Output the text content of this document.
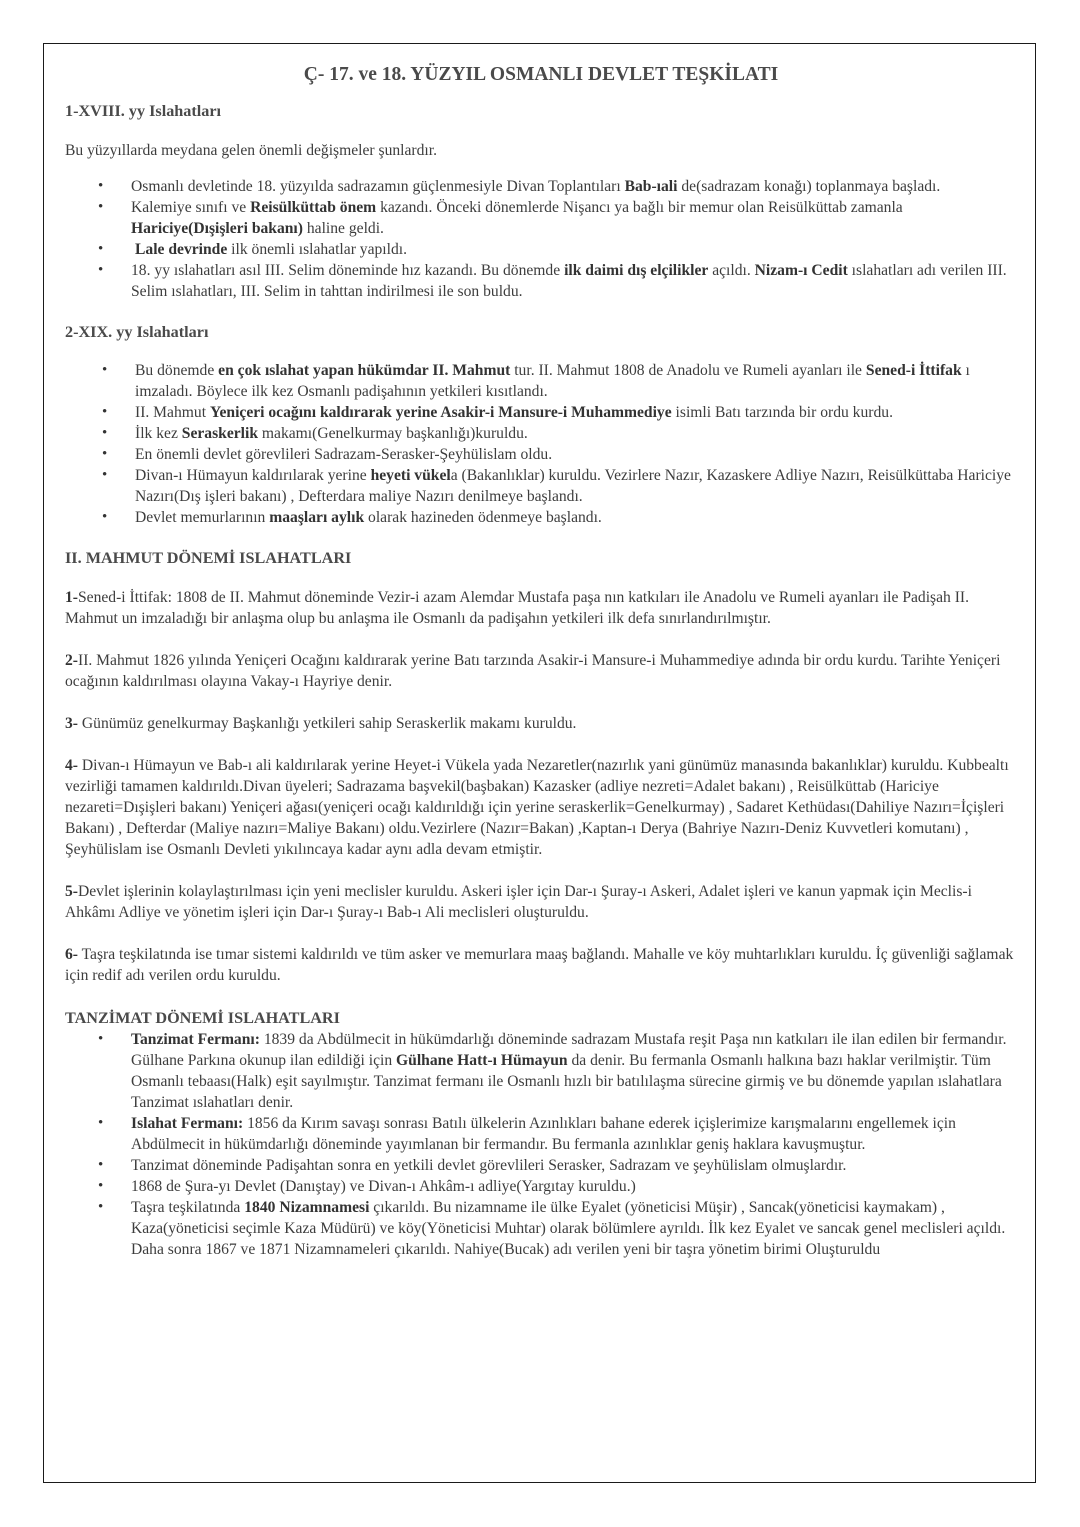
Ç- 17. ve 18. YÜZYIL OSMANLI DEVLET TEŞKİLATI
1-XVIII. yy Islahatları

Bu yüzyıllarda meydana gelen önemli değişmeler şunlardır.

• Osmanlı devletinde 18. yüzyılda sadrazamın güçlenmesiyle Divan Toplantıları Bab-ıali de(sadrazam konağı) toplanmaya başladı.
• Kalemiye sınıfı ve Reisülküttab önem kazandı. Önceki dönemlerde Nişancı ya bağlı bir memur olan Reisülküttab zamanla Hariciye(Dışişleri bakanı) haline geldi.
• Lale devrinde ilk önemli ıslahatlar yapıldı.
• 18. yy ıslahatları asıl III. Selim döneminde hız kazandı. Bu dönemde ilk daimi dış elçilikler açıldı. Nizam-ı Cedit ıslahatları adı verilen III. Selim ıslahatları, III. Selim in tahttan indirilmesi ile son buldu.
2-XIX. yy Islahatları
• Bu dönemde en çok ıslahat yapan hükümdar II. Mahmut tur. II. Mahmut 1808 de Anadolu ve Rumeli ayanları ile Sened-i İttifak ı imzaladı. Böylece ilk kez Osmanlı padişahının yetkileri kısıtlandı.
• II. Mahmut Yeniçeri ocağını kaldırarak yerine Asakir-i Mansure-i Muhammediye isimli Batı tarzında bir ordu kurdu.
• İlk kez Seraskerlik makamı(Genelkurmay başkanlığı)kuruldu.
• En önemli devlet görevlileri Sadrazam-Serasker-Şeyhülislam oldu.
• Divan-ı Hümayun kaldırılarak yerine heyeti vükela (Bakanlıklar) kuruldu. Vezirlere Nazır, Kazaskere Adliye Nazırı, Reisülküttaba Hariciye Nazırı(Dış işleri bakanı) , Defterdara maliye Nazırı denilmeye başlandı.
• Devlet memurlarının maaşları aylık olarak hazineden ödenmeye başlandı.
II. MAHMUT DÖNEMİ ISLAHATLARI

1-Sened-i İttifak: 1808 de II. Mahmut döneminde Vezir-i azam Alemdar Mustafa paşa nın katkıları ile Anadolu ve Rumeli ayanları ile Padişah II. Mahmut un imzaladığı bir anlaşma olup bu anlaşma ile Osmanlı da padişahın yetkileri ilk defa sınırlandırılmıştır.

2-II. Mahmut 1826 yılında Yeniçeri Ocağını kaldırarak yerine Batı tarzında Asakir-i Mansure-i Muhammediye adında bir ordu kurdu. Tarihte Yeniçeri ocağının kaldırılması olayına Vakay-ı Hayriye denir.

3- Günümüz genelkurmay Başkanlığı yetkileri sahip Seraskerlik makamı kuruldu.

4- Divan-ı Hümayun ve Bab-ı ali kaldırılarak yerine Heyet-i Vükela yada Nezaretler(nazırlık yani günümüz manasında bakanlıklar) kuruldu. Kubbealtı vezirliği tamamen kaldırıldı.Divan üyeleri; Sadrazama başvekil(başbakan) Kazasker (adliye nezreti=Adalet bakanı) , Reisülküttab (Hariciye nezareti=Dışişleri bakanı) Yeniçeri ağası(yeniçeri ocağı kaldırıldığı için yerine seraskerlik=Genelkurmay) , Sadaret Kethüdası(Dahiliye Nazırı=İçişleri Bakanı) , Defterdar (Maliye nazırı=Maliye Bakanı) oldu.Vezirlere (Nazır=Bakan) ,Kaptan-ı Derya (Bahriye Nazırı-Deniz Kuvvetleri komutanı) , Şeyhülislam ise Osmanlı Devleti yıkılıncaya kadar aynı adla devam etmiştir.

5-Devlet işlerinin kolaylaştırılması için yeni meclisler kuruldu. Askeri işler için Dar-ı Şuray-ı Askeri, Adalet işleri ve kanun yapmak için Meclis-i Ahkâmı Adliye ve yönetim işleri için Dar-ı Şuray-ı Bab-ı Ali meclisleri oluşturuldu.

6- Taşra teşkilatında ise tımar sistemi kaldırıldı ve tüm asker ve memurlara maaş bağlandı. Mahalle ve köy muhtarlıkları kuruldu. İç güvenliği sağlamak için redif adı verilen ordu kuruldu.

TANZİMAT DÖNEMİ ISLAHATLARI
• Tanzimat Fermanı: 1839 da Abdülmecit in hükümdarlığı döneminde sadrazam Mustafa reşit Paşa nın katkıları ile ilan edilen bir fermandır. Gülhane Parkına okunup ilan edildiği için Gülhane Hatt-ı Hümayun da denir. Bu fermanla Osmanlı halkına bazı haklar verilmiştir. Tüm Osmanlı tebaası(Halk) eşit sayılmıştır. Tanzimat fermanı ile Osmanlı hızlı bir batılılaşma sürecine girmiş ve bu dönemde yapılan ıslahatlara Tanzimat ıslahatları denir.
• Islahat Fermanı: 1856 da Kırım savaşı sonrası Batılı ülkelerin Azınlıkları bahane ederek içişlerimize karışmalarını engellemek için Abdülmecit in hükümdarlığı döneminde yayımlanan bir fermandır. Bu fermanla azınlıklar geniş haklara kavuşmuştur.
• Tanzimat döneminde Padişahtan sonra en yetkili devlet görevlileri Serasker, Sadrazam ve şeyhülislam olmuşlardır.
• 1868 de Şura-yı Devlet (Danıştay) ve Divan-ı Ahkâm-ı adliye(Yargıtay kuruldu.)
• Taşra teşkilatında 1840 Nizamnamesi çıkarıldı. Bu nizamname ile ülke Eyalet (yöneticisi Müşir) , Sancak(yöneticisi kaymakam) , Kaza(yöneticisi seçimle Kaza Müdürü) ve köy(Yöneticisi Muhtar) olarak bölümlere ayrıldı. İlk kez Eyalet ve sancak genel meclisleri açıldı. Daha sonra 1867 ve 1871 Nizamnameleri çıkarıldı. Nahiye(Bucak) adı verilen yeni bir taşra yönetim birimi Oluşturuldu
